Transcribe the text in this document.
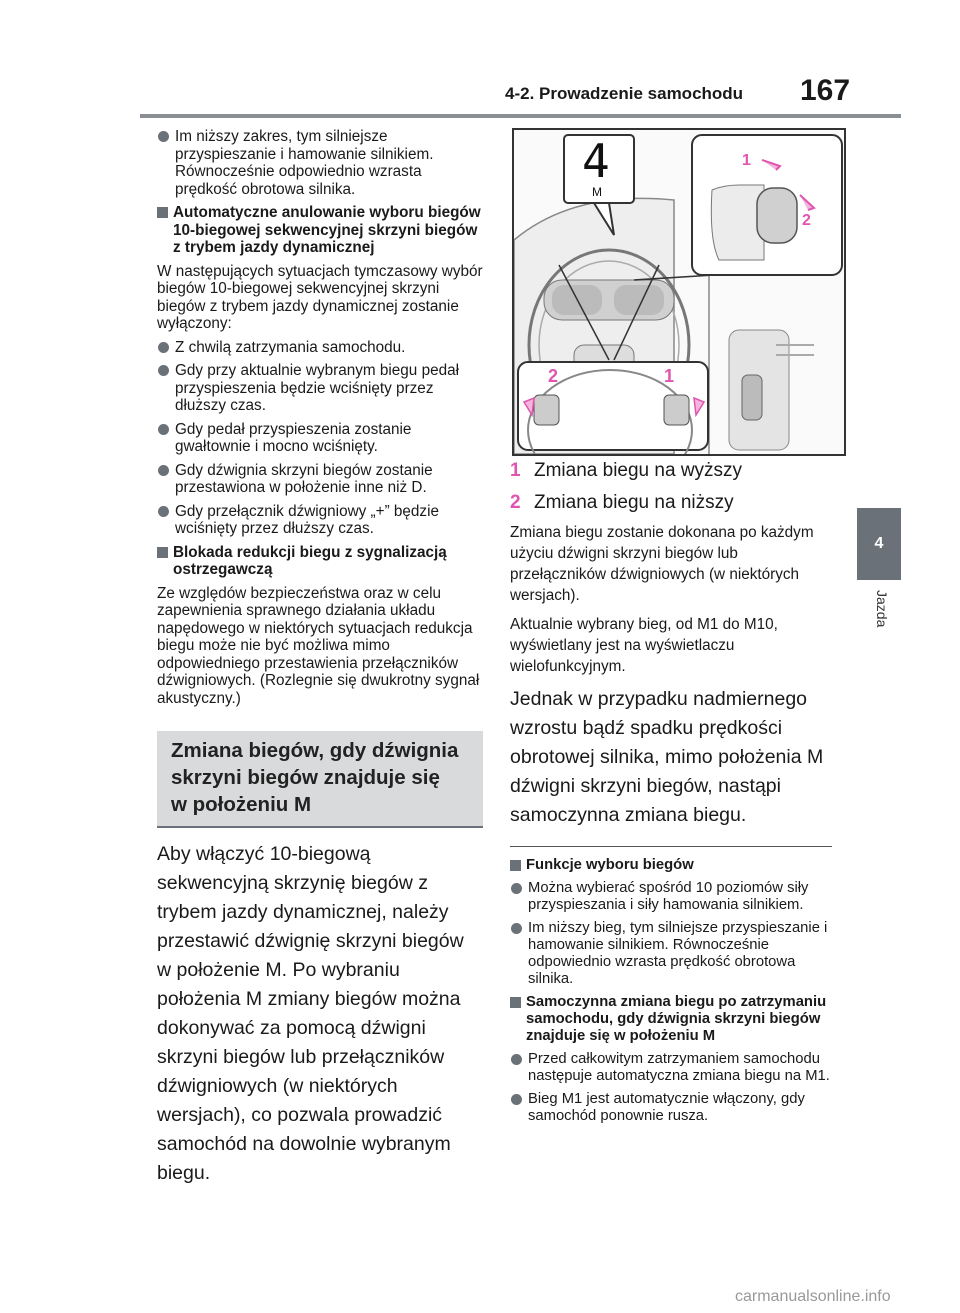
4-2. Prowadzenie samochodu 167
4
Jazda
Im niższy zakres, tym silniejsze przyspieszanie i hamowanie silnikiem. Równocześnie odpowiednio wzrasta prędkość obrotowa silnika.
Automatyczne anulowanie wyboru biegów 10-biegowej sekwencyjnej skrzyni biegów z trybem jazdy dynamicznej
W następujących sytuacjach tymczasowy wybór biegów 10-biegowej sekwencyjnej skrzyni biegów z trybem jazdy dynamicznej zostanie wyłączony:
Z chwilą zatrzymania samochodu.
Gdy przy aktualnie wybranym biegu pedał przyspieszenia będzie wciśnięty przez dłuższy czas.
Gdy pedał przyspieszenia zostanie gwałtownie i mocno wciśnięty.
Gdy dźwignia skrzyni biegów zostanie przestawiona w położenie inne niż D.
Gdy przełącznik dźwigniowy „+” będzie wciśnięty przez dłuższy czas.
Blokada redukcji biegu z sygnalizacją ostrzegawczą
Ze względów bezpieczeństwa oraz w celu zapewnienia sprawnego działania układu napędowego w niektórych sytuacjach redukcja biegu może nie być możliwa mimo odpowiedniego przestawienia przełączników dźwigniowych. (Rozlegnie się dwukrotny sygnał akustyczny.)
Zmiana biegów, gdy dźwignia
skrzyni biegów znajduje się
w położeniu M
Aby włączyć 10-biegową sekwencyjną skrzynię biegów z trybem jazdy dynamicznej, należy przestawić dźwignię skrzyni biegów w położenie M. Po wybraniu położenia M zmiany biegów można dokonywać za pomocą dźwigni skrzyni biegów lub przełączników dźwigniowych (w niektórych wersjach), co pozwala prowadzić samochód na dowolnie wybranym biegu.
4
M
1
2
2	1
1 Zmiana biegu na wyższy
2 Zmiana biegu na niższy
Zmiana biegu zostanie dokonana po każdym użyciu dźwigni skrzyni biegów lub przełączników dźwigniowych (w niektórych wersjach).
Aktualnie wybrany bieg, od M1 do M10, wyświetlany jest na wyświetlaczu wielofunkcyjnym.
Jednak w przypadku nadmiernego wzrostu bądź spadku prędkości obrotowej silnika, mimo położenia M dźwigni skrzyni biegów, nastąpi samoczynna zmiana biegu.
Funkcje wyboru biegów
Można wybierać spośród 10 poziomów siły przyspieszania i siły hamowania silnikiem.
Im niższy bieg, tym silniejsze przyspieszanie i hamowanie silnikiem. Równocześnie odpowiednio wzrasta prędkość obrotowa silnika.
Samoczynna zmiana biegu po zatrzymaniu samochodu, gdy dźwignia skrzyni biegów znajduje się w położeniu M
Przed całkowitym zatrzymaniem samochodu następuje automatyczna zmiana biegu na M1.
Bieg M1 jest automatycznie włączony, gdy samochód ponownie rusza.
carmanualsonline.info
